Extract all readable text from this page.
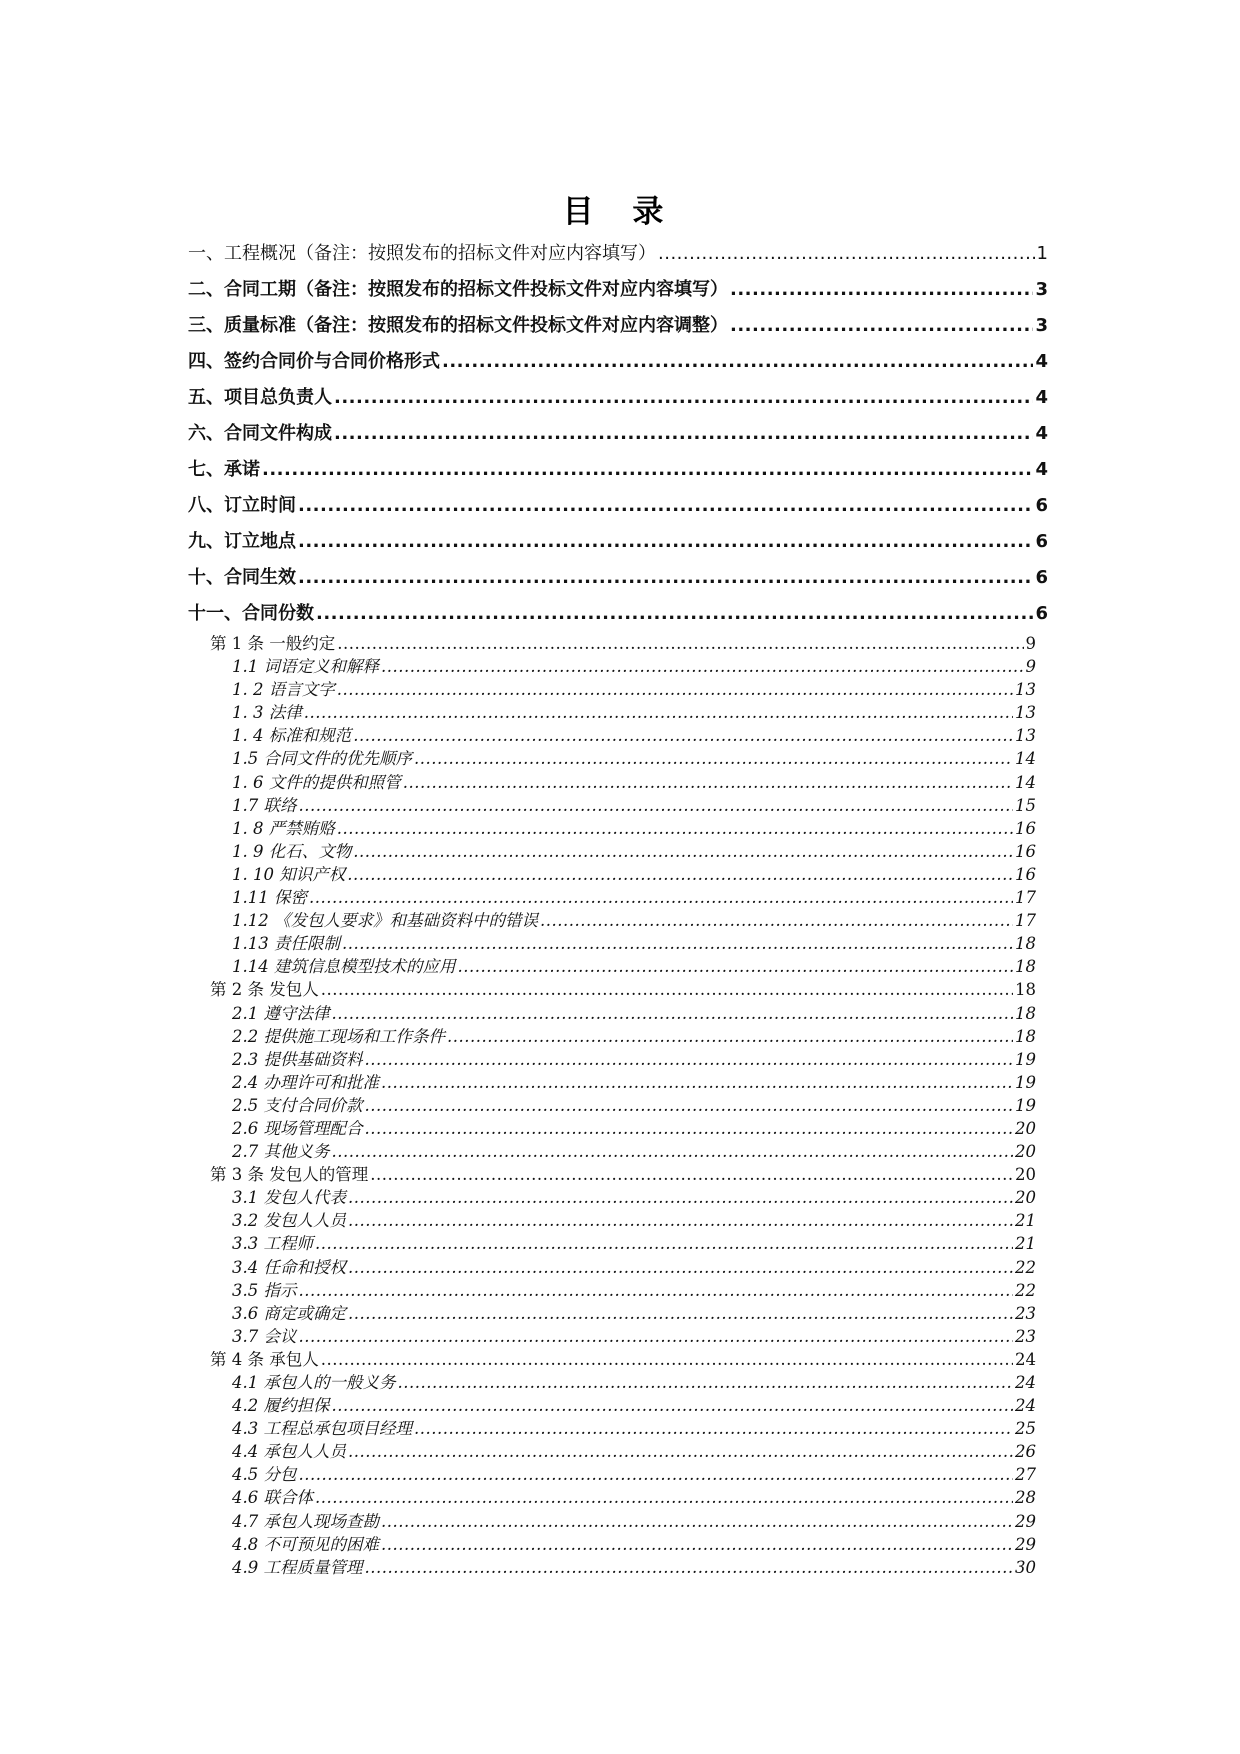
目 录
一、工程概况（备注：按照发布的招标文件对应内容填写） .....	1
二、合同工期（备注：按照发布的招标文件投标文件对应内容填写） .....	3
三、质量标准（备注：按照发布的招标文件投标文件对应内容调整） .....	3
四、签约合同价与合同价格形式 .....	4
五、项目总负责人 .....	4
六、合同文件构成 .....	4
七、承诺 .....	4
八、订立时间 .....	6
九、订立地点 .....	6
十、合同生效 .....	6
十一、合同份数 .....	6
第 1 条 一般约定 .....	9
1.1 词语定义和解释 .....	9
1. 2 语言文字 .....	13
1. 3 法律 .....	13
1. 4 标准和规范 .....	13
1.5 合同文件的优先顺序 .....	14
1. 6 文件的提供和照管 .....	14
1.7 联络 .....	15
1. 8 严禁贿赂 .....	16
1. 9 化石、文物 .....	16
1. 10 知识产权 .....	16
1.11 保密 .....	17
1.12 《发包人要求》和基础资料中的错误 .....	17
1.13 责任限制 .....	18
1.14 建筑信息模型技术的应用 .....	18
第 2 条 发包人 .....	18
2.1 遵守法律 .....	18
2.2 提供施工现场和工作条件 .....	18
2.3 提供基础资料 .....	19
2.4 办理许可和批准 .....	19
2.5 支付合同价款 .....	19
2.6 现场管理配合 .....	20
2.7 其他义务 .....	20
第 3 条 发包人的管理 .....	20
3.1 发包人代表 .....	20
3.2 发包人人员 .....	21
3.3 工程师 .....	21
3.4 任命和授权 .....	22
3.5 指示 .....	22
3.6 商定或确定 .....	23
3.7 会议 .....	23
第 4 条 承包人 .....	24
4.1 承包人的一般义务 .....	24
4.2 履约担保 .....	24
4.3 工程总承包项目经理 .....	25
4.4 承包人人员 .....	26
4.5 分包 .....	27
4.6 联合体 .....	28
4.7 承包人现场查勘 .....	29
4.8 不可预见的困难 .....	29
4.9 工程质量管理 .....	30
